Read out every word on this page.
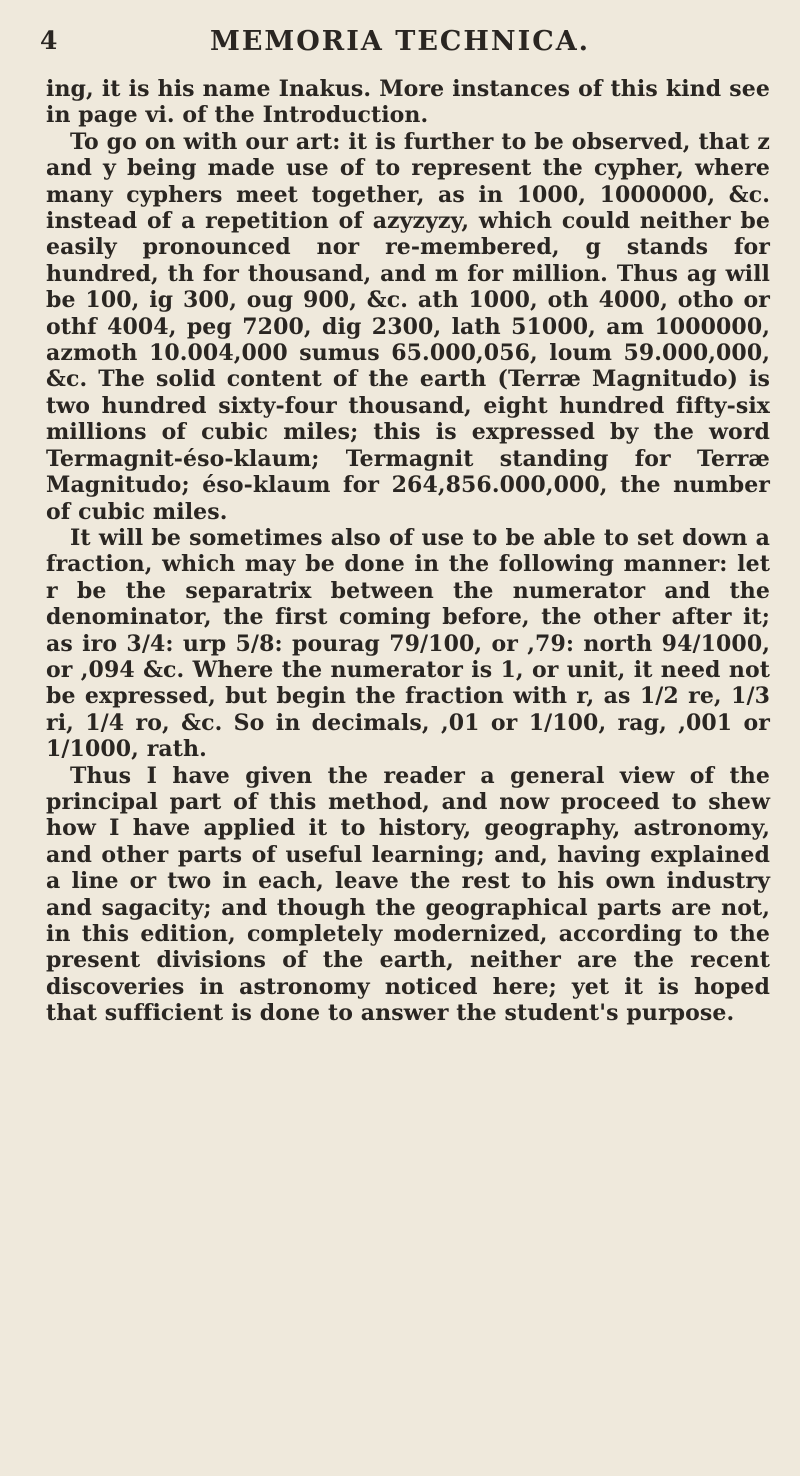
4	MEMORIA TECHNICA.

ing, it is his name Inakus. More instances of this kind see in page vi. of the Introduction.

To go on with our art: it is further to be observed, that z and y being made use of to represent the cypher, where many cyphers meet together, as in 1000, 1000000, &c. instead of a repetition of azyzyzy, which could neither be easily pronounced nor re-membered, g stands for hundred, th for thousand, and m for million. Thus ag will be 100, ig 300, oug 900, &c. ath 1000, oth 4000, otho or othf 4004, peg 7200, dig 2300, lath 51000, am 1000000, azmoth 10.004,000 sumus 65.000,056, loum 59.000,000, &c. The solid content of the earth (Terræ Magnitudo) is two hundred sixty-four thousand, eight hundred fifty-six millions of cubic miles; this is expressed by the word Termagnit-éso-klaum; Termagnit standing for Terræ Magnitudo; éso-klaum for 264,856.000,000, the number of cubic miles.

It will be sometimes also of use to be able to set down a fraction, which may be done in the following manner: let r be the separatrix between the numerator and the denominator, the first coming before, the other after it; as iro 3/4: urp 5/8: pourag 79/100, or ,79: north 94/1000, or ,094 &c. Where the numerator is 1, or unit, it need not be expressed, but begin the fraction with r, as 1/2 re, 1/3 ri, 1/4 ro, &c. So in decimals, ,01 or 1/100, rag, ,001 or 1/1000, rath.

Thus I have given the reader a general view of the principal part of this method, and now proceed to shew how I have applied it to history, geography, astronomy, and other parts of useful learning; and, having explained a line or two in each, leave the rest to his own industry and sagacity; and though the geographical parts are not, in this edition, completely modernized, according to the present divisions of the earth, neither are the recent discoveries in astronomy noticed here; yet it is hoped that sufficient is done to answer the student's purpose.
